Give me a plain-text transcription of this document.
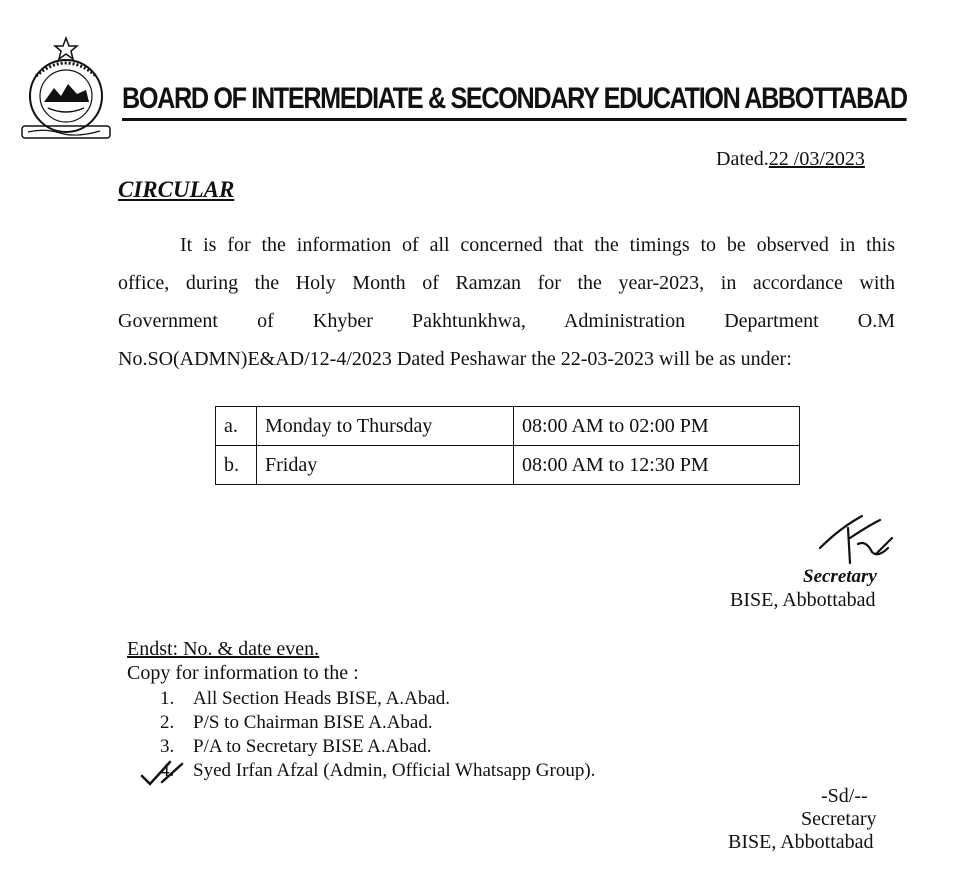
BOARD OF INTERMEDIATE & SECONDARY EDUCATION ABBOTTABAD
Dated.22 /03/2023
CIRCULAR
It is for the information of all concerned that the timings to be observed in this
office, during the Holy Month of Ramzan for the year-2023, in accordance with
Government of Khyber Pakhtunkhwa, Administration Department O.M
No.SO(ADMN)E&AD/12-4/2023 Dated Peshawar the 22-03-2023 will be as under:
a.	Monday to Thursday	08:00 AM to 02:00 PM
b.	Friday	08:00 AM to 12:30 PM
Secretary
BISE, Abbottabad
Endst: No. & date even.
Copy for information to the :
1. All Section Heads BISE, A.Abad.
2. P/S to Chairman BISE A.Abad.
3. P/A to Secretary BISE A.Abad.
4. Syed Irfan Afzal (Admin, Official Whatsapp Group).
-Sd/--
Secretary
BISE, Abbottabad
